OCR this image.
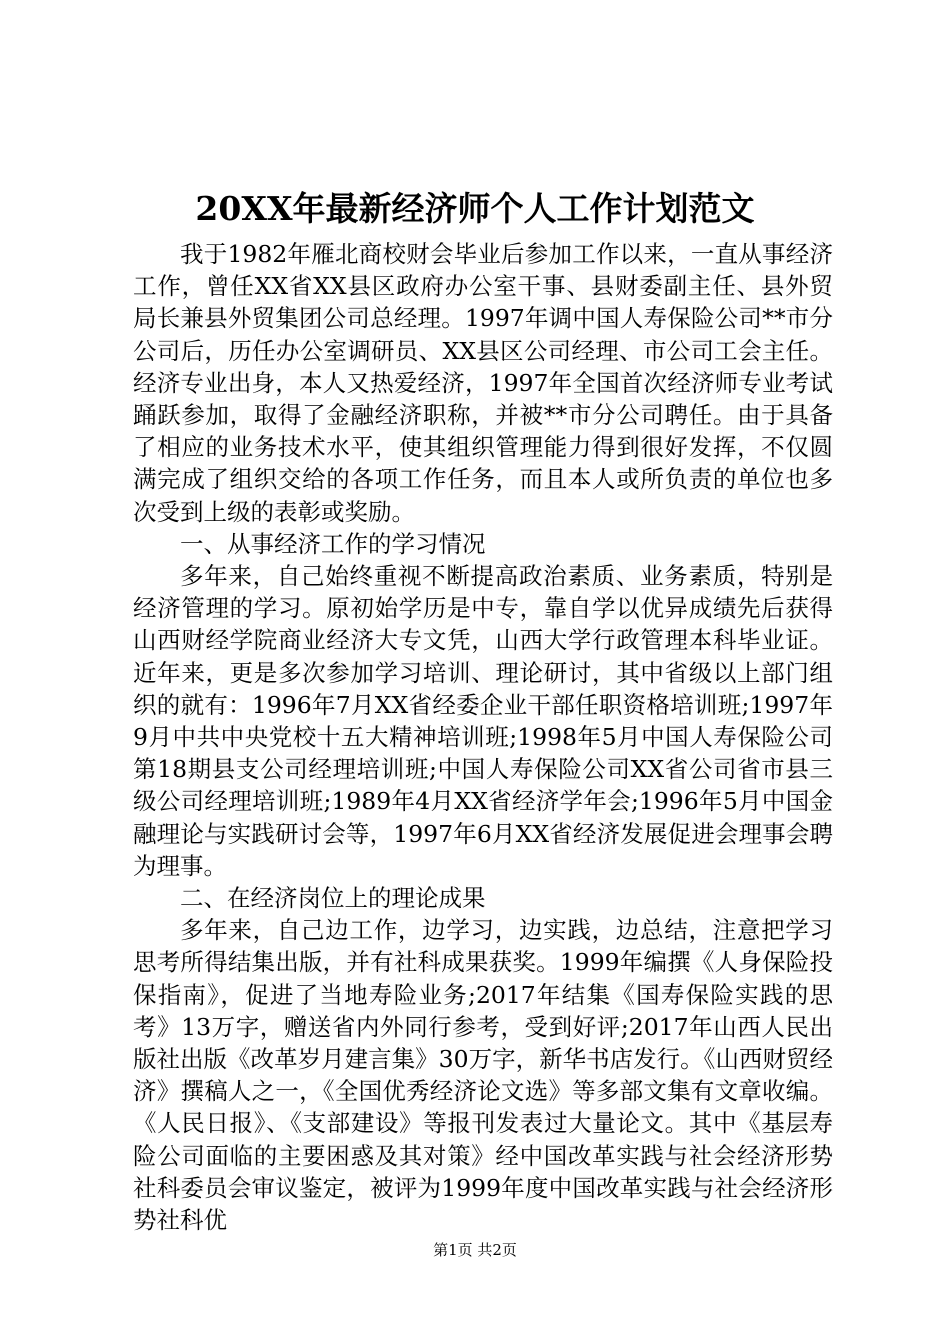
20XX年最新经济师个人工作计划范文

我于1982年雁北商校财会毕业后参加工作以来，一直从事经济工作，曾任XX省XX县区政府办公室干事、县财委副主任、县外贸局长兼县外贸集团公司总经理。1997年调中国人寿保险公司**市分公司后，历任办公室调研员、XX县区公司经理、市公司工会主任。经济专业出身，本人又热爱经济，1997年全国首次经济师专业考试踊跃参加，取得了金融经济职称，并被**市分公司聘任。由于具备了相应的业务技术水平，使其组织管理能力得到很好发挥，不仅圆满完成了组织交给的各项工作任务，而且本人或所负责的单位也多次受到上级的表彰或奖励。

一、从事经济工作的学习情况

多年来，自己始终重视不断提高政治素质、业务素质，特别是经济管理的学习。原初始学历是中专，靠自学以优异成绩先后获得山西财经学院商业经济大专文凭，山西大学行政管理本科毕业证。近年来，更是多次参加学习培训、理论研讨，其中省级以上部门组织的就有：1996年7月XX省经委企业干部任职资格培训班;1997年9月中共中央党校十五大精神培训班;1998年5月中国人寿保险公司第18期县支公司经理培训班;中国人寿保险公司XX省公司省市县三级公司经理培训班;1989年4月XX省经济学年会;1996年5月中国金融理论与实践研讨会等，1997年6月XX省经济发展促进会理事会聘为理事。

二、在经济岗位上的理论成果

多年来，自己边工作，边学习，边实践，边总结，注意把学习思考所得结集出版，并有社科成果获奖。1999年编撰《人身保险投保指南》，促进了当地寿险业务;2017年结集《国寿保险实践的思考》13万字，赠送省内外同行参考，受到好评;2017年山西人民出版社出版《改革岁月建言集》30万字，新华书店发行。《山西财贸经济》撰稿人之一，《全国优秀经济论文选》等多部文集有文章收编。《人民日报》、《支部建设》等报刊发表过大量论文。其中《基层寿险公司面临的主要困惑及其对策》经中国改革实践与社会经济形势社科委员会审议鉴定，被评为1999年度中国改革实践与社会经济形势社科优

第1页 共2页
